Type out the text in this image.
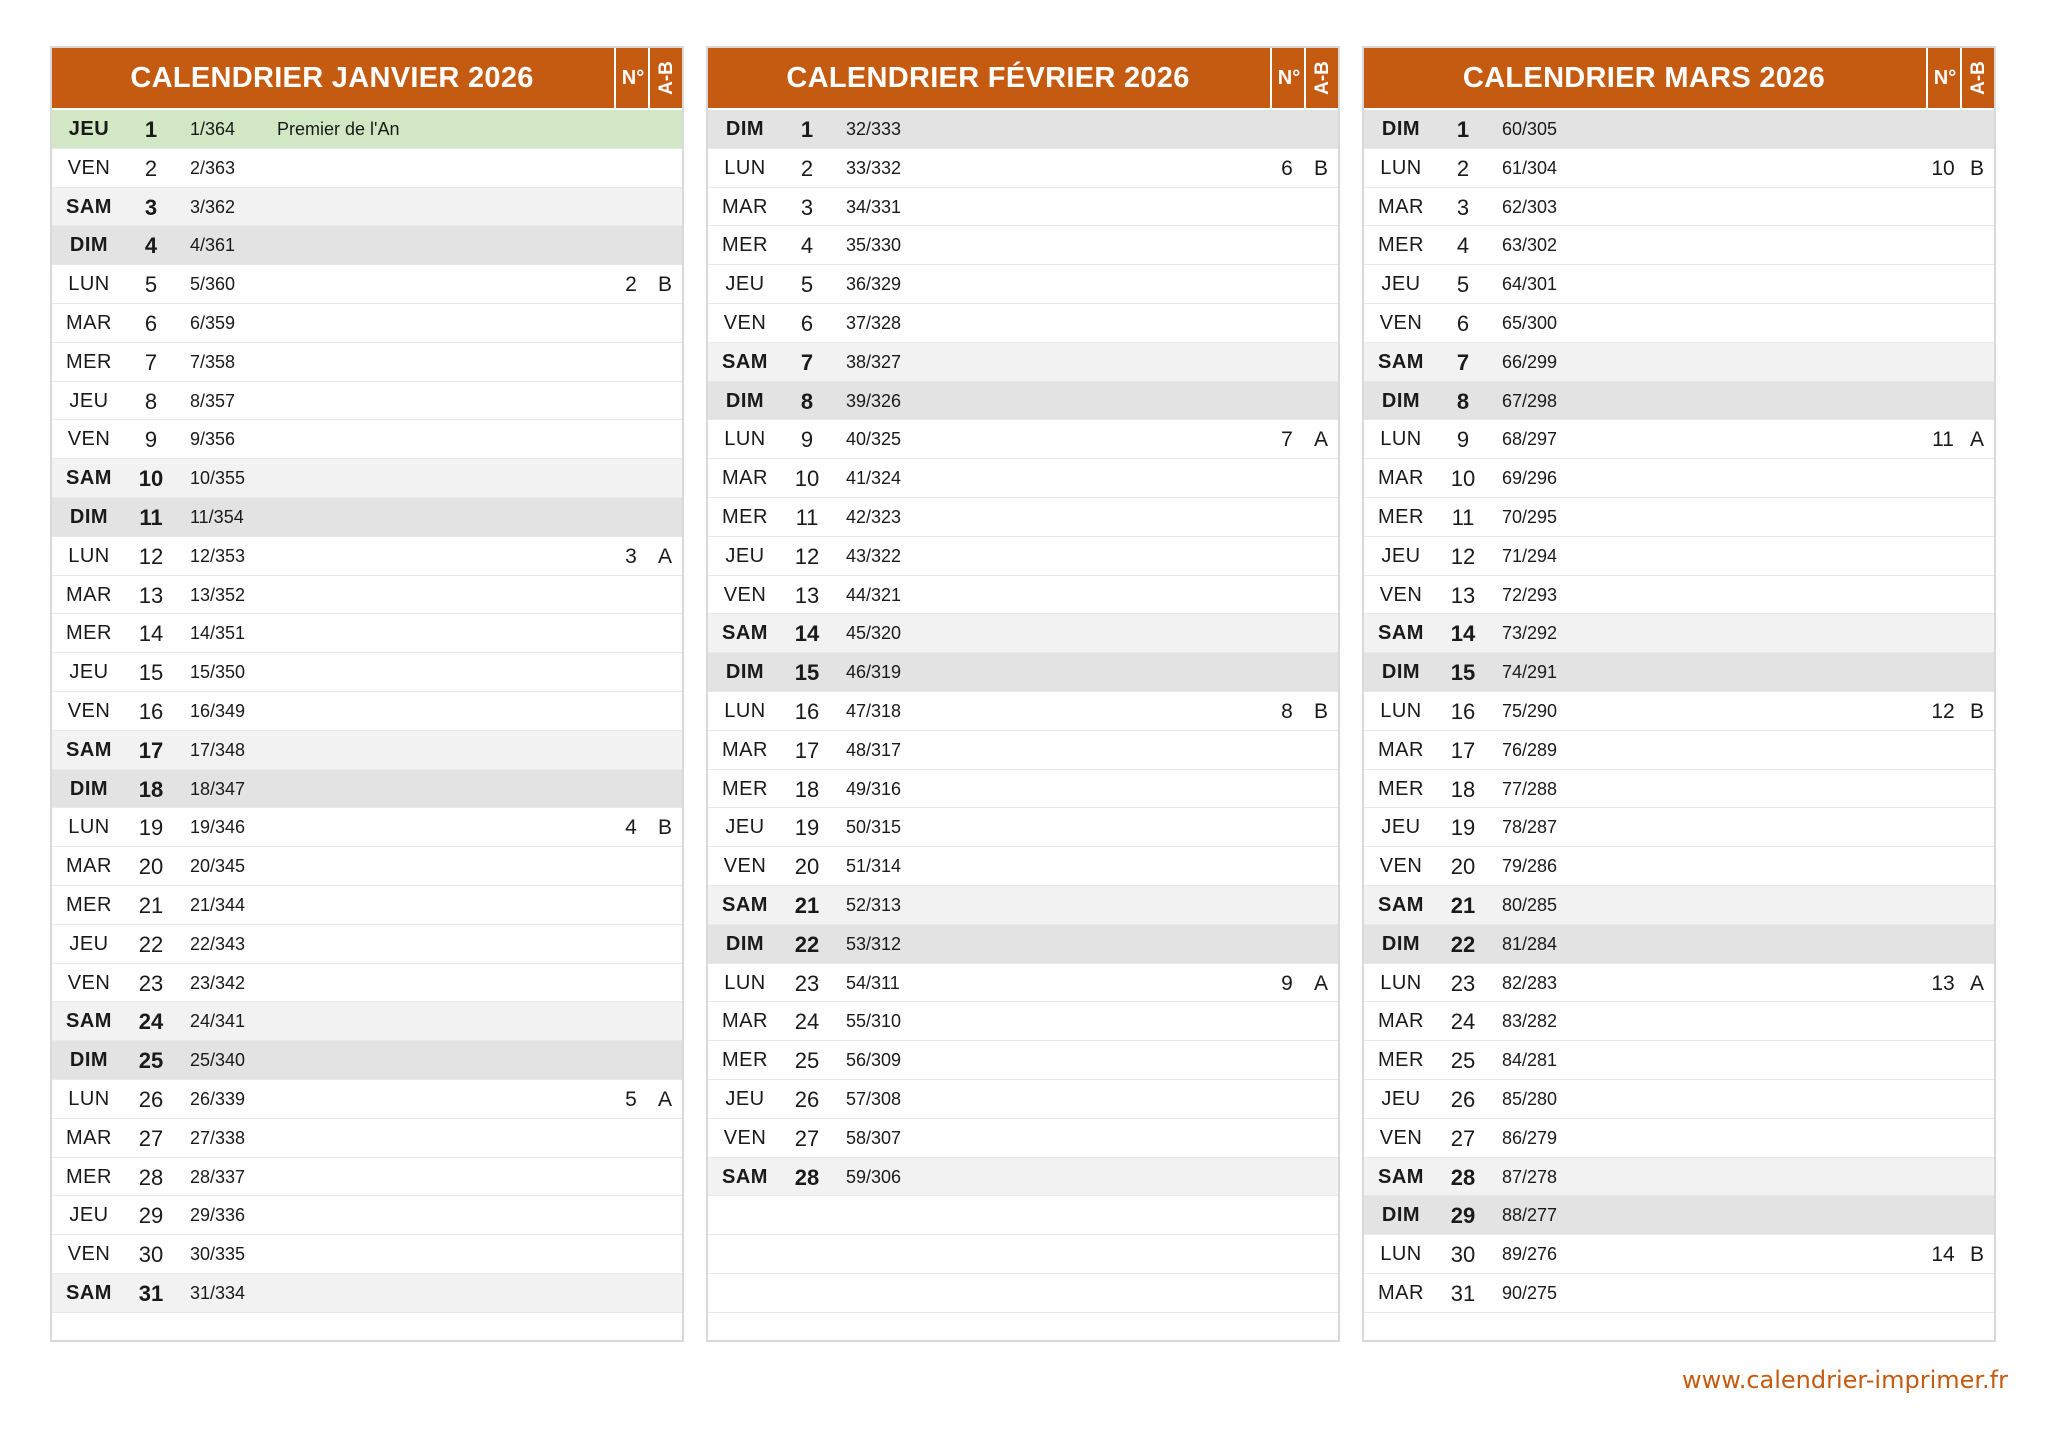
CALENDRIER JANVIER 2026	N° A-B
JEU	1	1/364 Premier de l'An
VEN	2	2/363
SAM	3	3/362
DIM	4	4/361
LUN	5	5/360	2	B
MAR	6	6/359
MER	7	7/358
JEU	8	8/357
VEN	9	9/356
SAM	10	10/355
DIM	11	11/354
LUN	12	12/353	3	A
MAR	13	13/352
MER	14	14/351
JEU	15	15/350
VEN	16	16/349
SAM	17	17/348
DIM	18	18/347
LUN	19	19/346	4	B
MAR	20	20/345
MER	21	21/344
JEU	22	22/343
VEN	23	23/342
SAM	24	24/341
DIM	25	25/340
LUN	26	26/339	5	A
MAR	27	27/338
MER	28	28/337
JEU	29	29/336
VEN	30	30/335
SAM	31	31/334
CALENDRIER FÉVRIER 2026	N° A-B
DIM	1	32/333
LUN	2	33/332	6	B
MAR	3	34/331
MER	4	35/330
JEU	5	36/329
VEN	6	37/328
SAM	7	38/327
DIM	8	39/326
LUN	9	40/325	7	A
MAR	10	41/324
MER	11	42/323
JEU	12	43/322
VEN	13	44/321
SAM	14	45/320
DIM	15	46/319
LUN	16	47/318	8	B
MAR	17	48/317
MER	18	49/316
JEU	19	50/315
VEN	20	51/314
SAM	21	52/313
DIM	22	53/312
LUN	23	54/311	9	A
MAR	24	55/310
MER	25	56/309
JEU	26	57/308
VEN	27	58/307
SAM	28	59/306
CALENDRIER MARS 2026	N° A-B
DIM	1	60/305
LUN	2	61/304	10 B
MAR	3	62/303
MER	4	63/302
JEU	5	64/301
VEN	6	65/300
SAM	7	66/299
DIM	8	67/298
LUN	9	68/297	11 A
MAR	10	69/296
MER	11	70/295
JEU	12	71/294
VEN	13	72/293
SAM	14	73/292
DIM	15	74/291
LUN	16	75/290	12 B
MAR	17	76/289
MER	18	77/288
JEU	19	78/287
VEN	20	79/286
SAM	21	80/285
DIM	22	81/284
LUN	23	82/283	13 A
MAR	24	83/282
MER	25	84/281
JEU	26	85/280
VEN	27	86/279
SAM	28	87/278
DIM	29	88/277
LUN	30	89/276	14 B
MAR	31	90/275
www.calendrier-imprimer.fr
